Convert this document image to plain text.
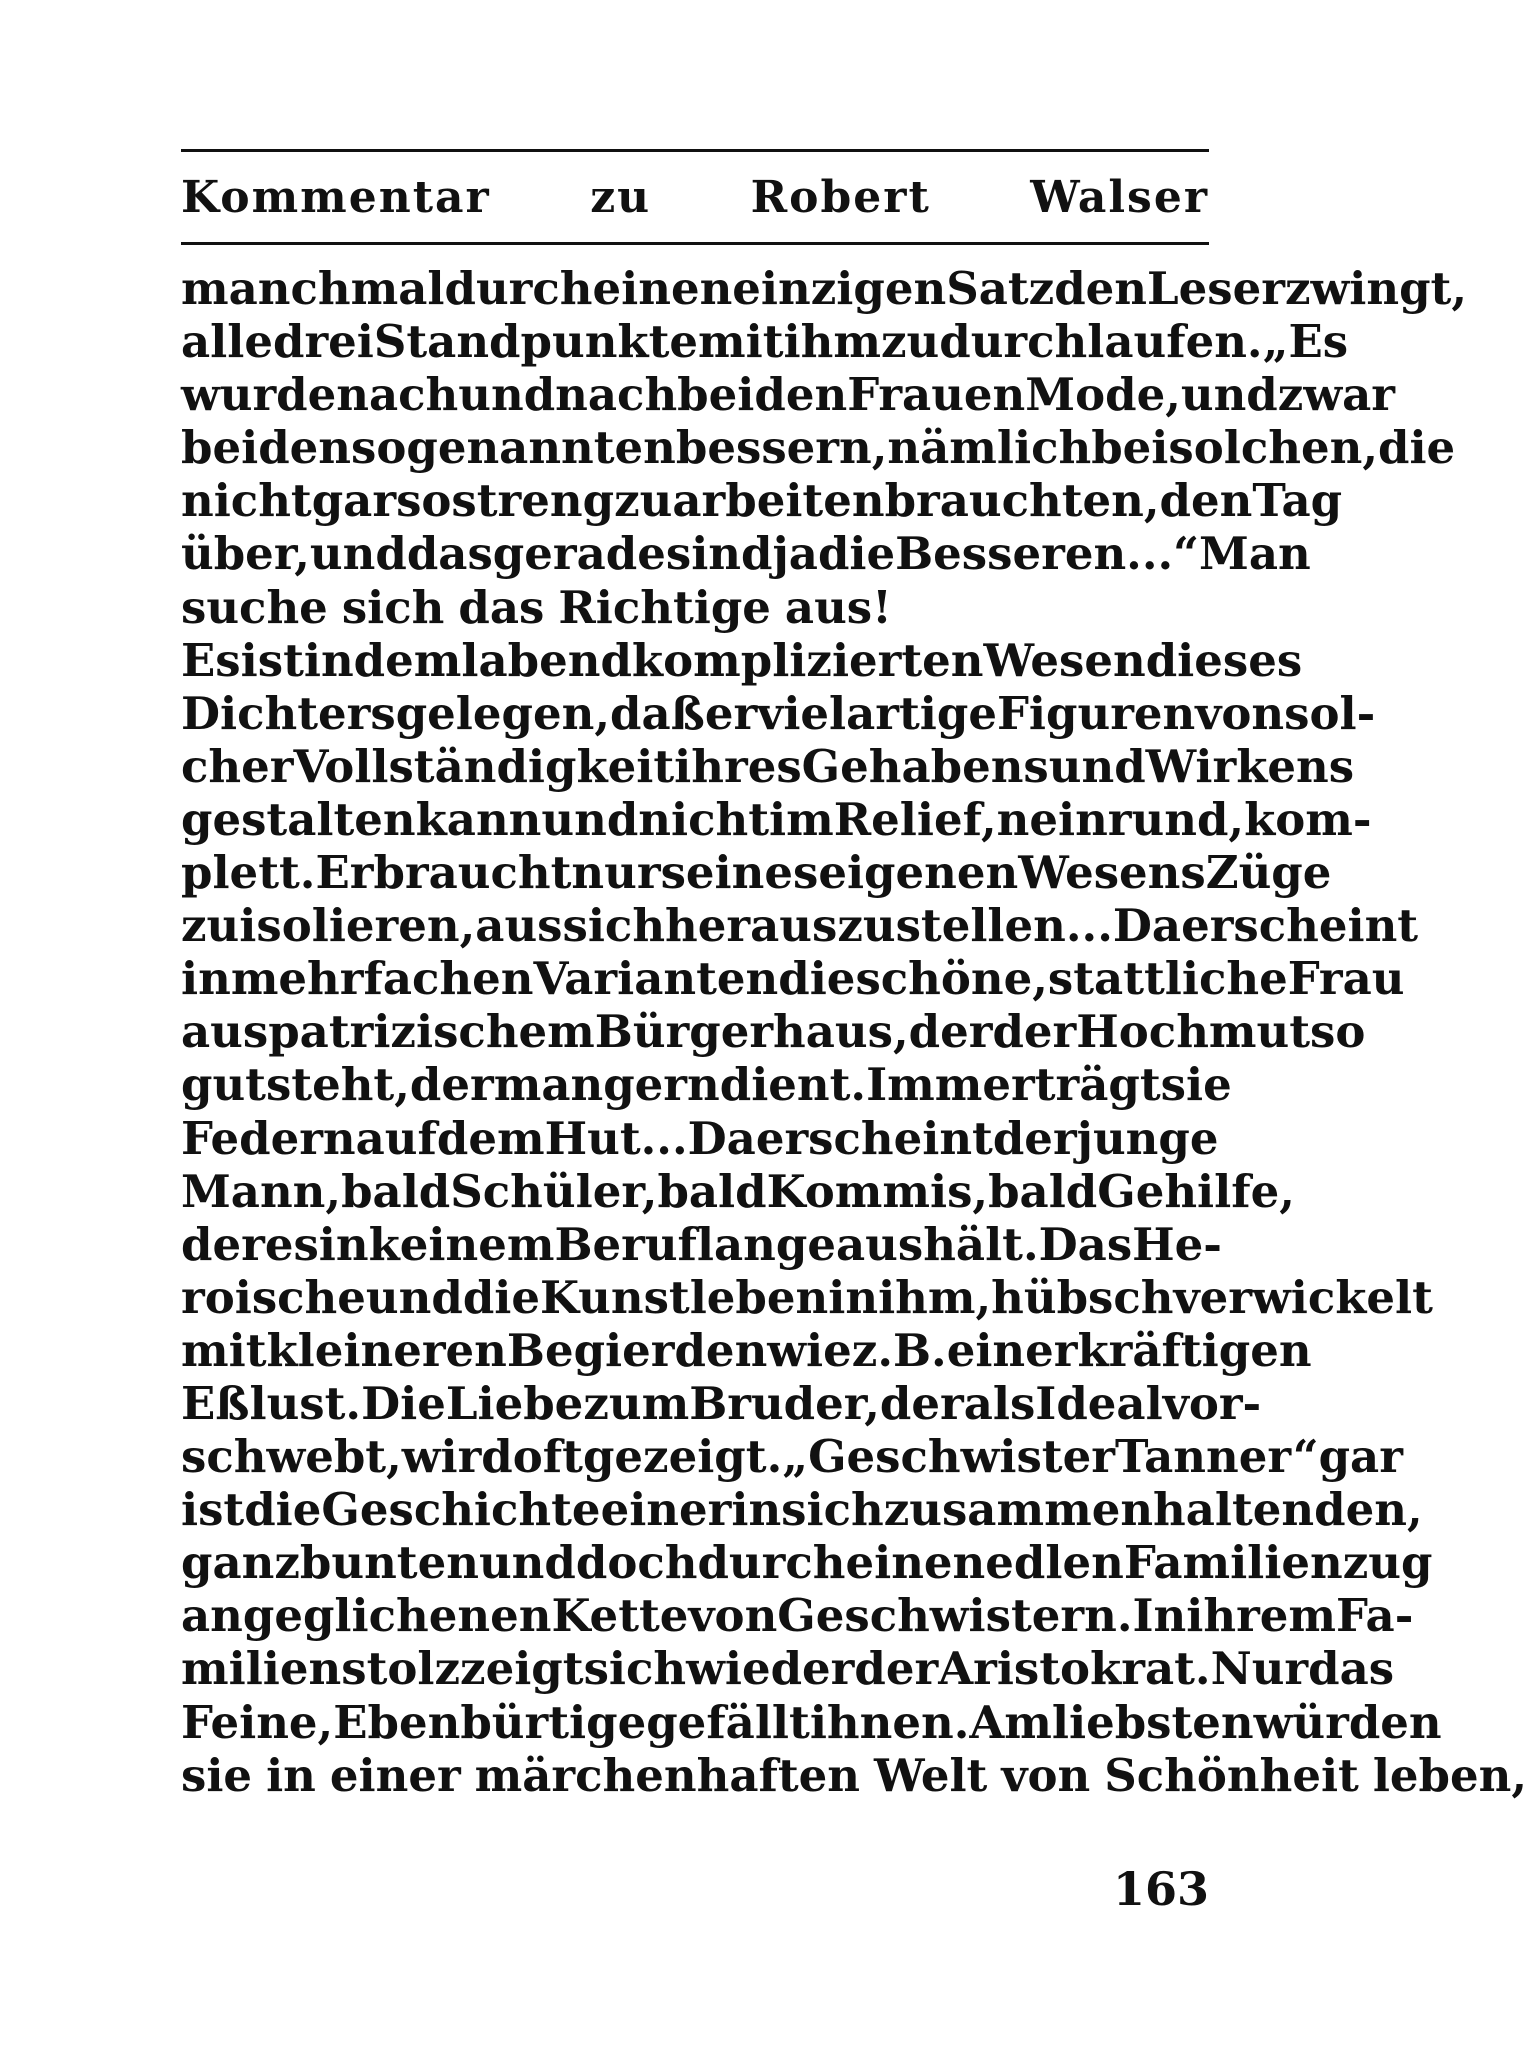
Kommentar zu Robert Walser
manchmal durch einen einzigen Satz den Leser zwingt,
alle drei Standpunkte mit ihm zu durchlaufen. „Es
wurde nach und nach bei den Frauen Mode, und zwar
bei den sogenannten bessern, nämlich bei solchen, die
nicht gar so streng zu arbeiten brauchten, den Tag
über, und das gerade sind ja die Besseren...“ Man
suche sich das Richtige aus!
Es ist in dem labend komplizierten Wesen dieses
Dichters gelegen, daß er vielartige Figuren von sol-
cher Vollständigkeit ihres Gehabens und Wirkens
gestalten kann und nicht im Relief, nein rund, kom-
plett. Er braucht nur seines eigenen Wesens Züge
zu isolieren, aus sich herauszustellen... Da erscheint
in mehrfachen Varianten die schöne, stattliche Frau
aus patrizischem Bürgerhaus, der der Hochmut so
gut steht, der man gern dient. Immer trägt sie
Federn auf dem Hut... Da erscheint der junge
Mann, bald Schüler, bald Kommis, bald Gehilfe,
der es in keinem Beruf lange aushält. Das He-
roische und die Kunst leben in ihm, hübsch verwickelt
mit kleineren Begierden wie z. B. einer kräftigen
Eßlust. Die Liebe zum Bruder, der als Ideal vor-
schwebt, wird oft gezeigt. „Geschwister Tanner“ gar
ist die Geschichte einer in sich zusammenhaltenden,
ganz bunten und doch durch einen edlen Familienzug
angeglichenen Kette von Geschwistern. In ihrem Fa-
milienstolz zeigt sich wieder der Aristokrat. Nur das
Feine, Ebenbürtige gefällt ihnen. Am liebsten würden
sie in einer märchenhaften Welt von Schönheit leben,
163
